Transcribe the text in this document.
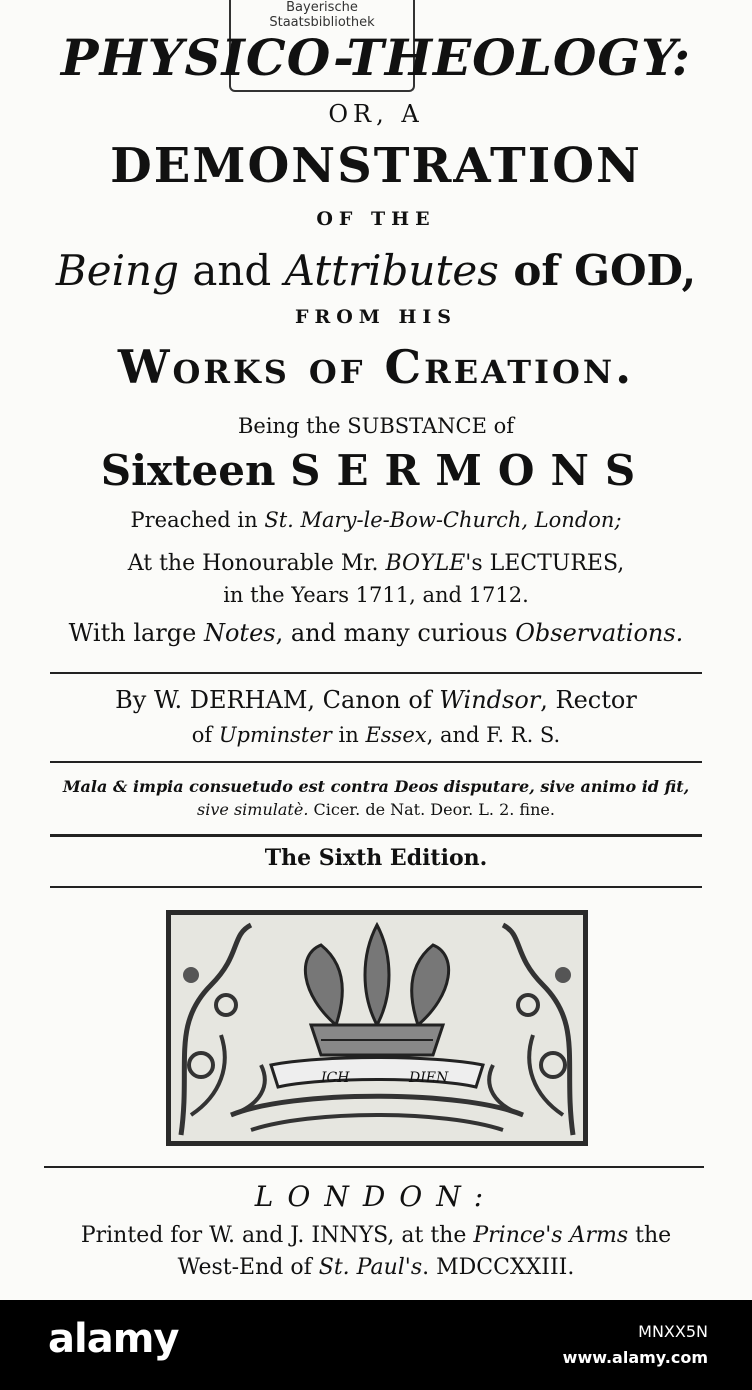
Bayerische
Staatsbibliothek
PHYSICO-THEOLOGY:
OR, A
DEMONSTRATION
OF THE
Being and Attributes of GOD,
FROM HIS
Works of Creation.
Being the SUBSTANCE of
Sixteen SERMONS
Preached in St. Mary-le-Bow-Church, London;
At the Honourable Mr. BOYLE's LECTURES,
in the Years 1711, and 1712.
With large Notes, and many curious Observations.
By W. DERHAM, Canon of Windsor, Rector
of Upminster in Essex, and F. R. S.
Mala & impia consuetudo est contra Deos disputare, sive animo id fit,
sive simulatè. Cicer. de Nat. Deor. L. 2. fine.
The Sixth Edition.
ICH	DIEN
LONDON:
Printed for W. and J. INNYS, at the Prince's Arms the
West-End of St. Paul's. MDCCXXIII.
alamy	MNXX5N
www.alamy.com
